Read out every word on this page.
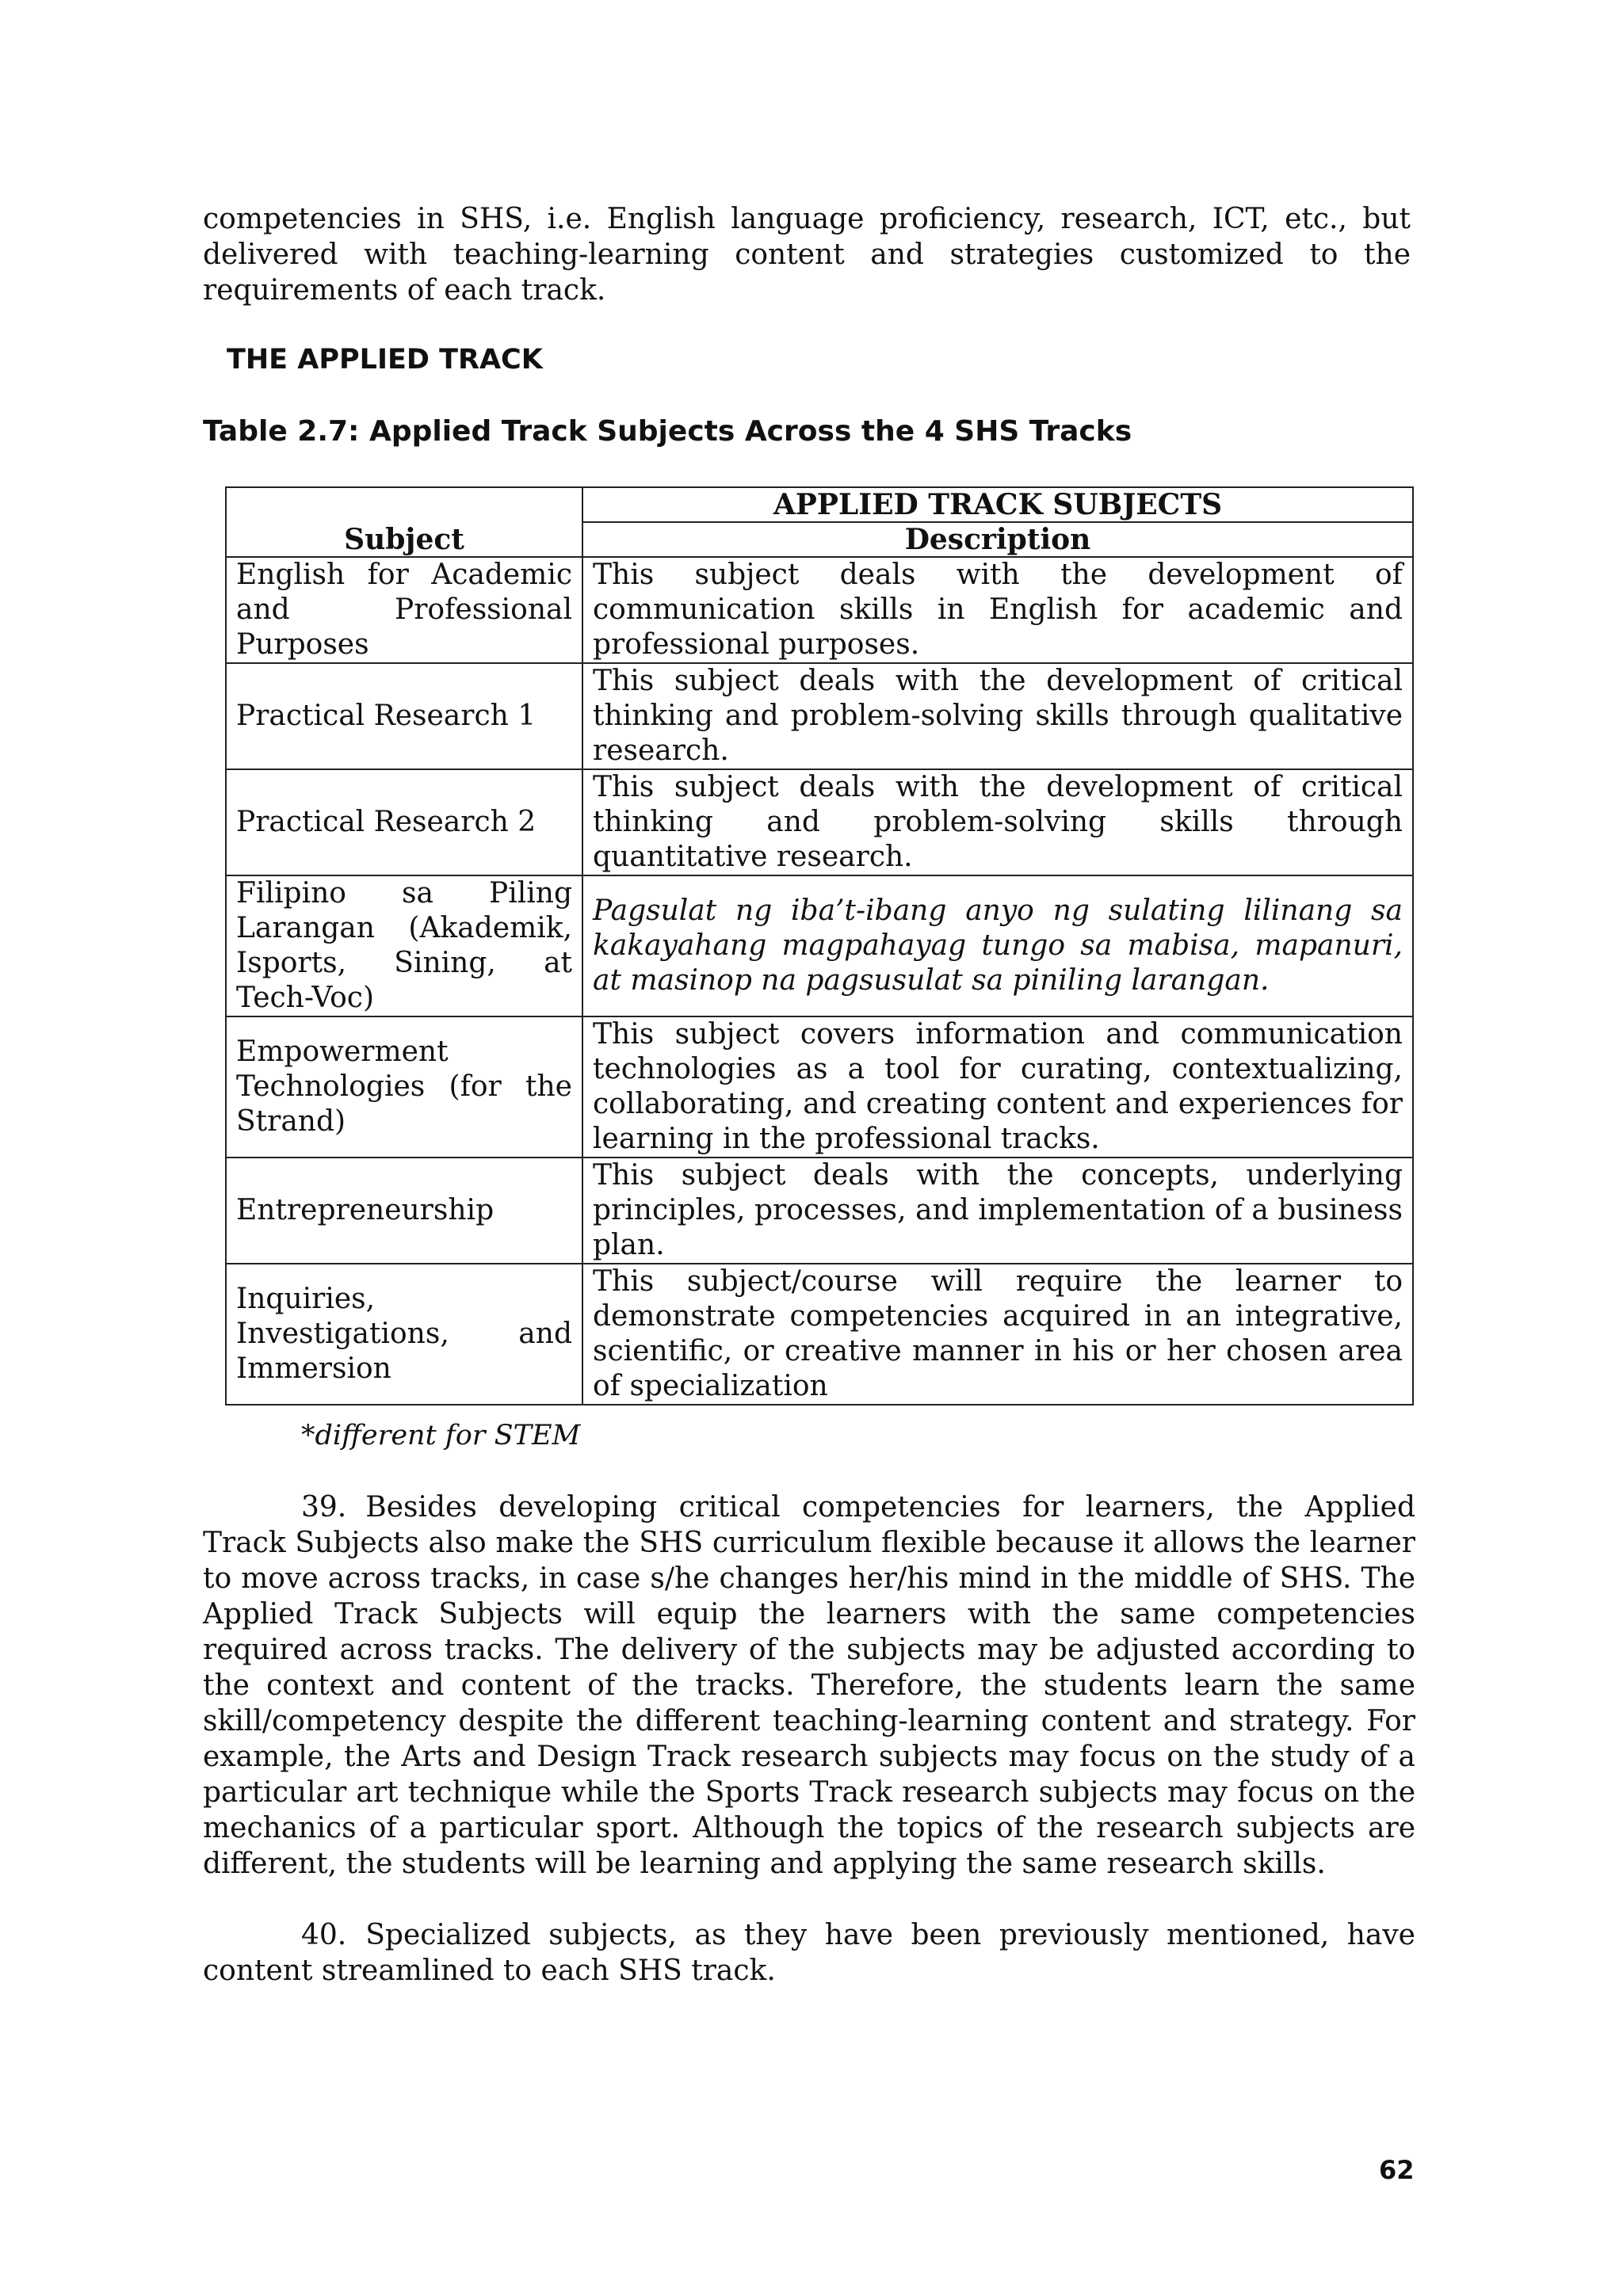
competencies in SHS, i.e. English language proficiency, research, ICT, etc., but delivered with teaching-learning content and strategies customized to the requirements of each track.

THE APPLIED TRACK
Table 2.7: Applied Track Subjects Across the 4 SHS Tracks
	APPLIED TRACK SUBJECTS
Subject	Description
English for Academic and Professional Purposes	This subject deals with the development of communication skills in English for academic and professional purposes.
Practical Research 1	This subject deals with the development of critical thinking and problem-solving skills through qualitative research.
Practical Research 2	This subject deals with the development of critical thinking and problem-solving skills through quantitative research.
Filipino sa Piling Larangan (Akademik, Isports, Sining, at Tech-Voc)	Pagsulat ng iba’t-ibang anyo ng sulating lilinang sa kakayahang magpahayag tungo sa mabisa, mapanuri, at masinop na pagsusulat sa piniling larangan.
Empowerment Technologies (for the Strand)	This subject covers information and communication technologies as a tool for curating, contextualizing, collaborating, and creating content and experiences for learning in the professional tracks.
Entrepreneurship	This subject deals with the concepts, underlying principles, processes, and implementation of a business plan.
Inquiries, Investigations, and Immersion	This subject/course will require the learner to demonstrate competencies acquired in an integrative, scientific, or creative manner in his or her chosen area of specialization

*different for STEM

39. Besides developing critical competencies for learners, the Applied Track Subjects also make the SHS curriculum flexible because it allows the learner to move across tracks, in case s/he changes her/his mind in the middle of SHS. The Applied Track Subjects will equip the learners with the same competencies required across tracks. The delivery of the subjects may be adjusted according to the context and content of the tracks. Therefore, the students learn the same skill/competency despite the different teaching-learning content and strategy. For example, the Arts and Design Track research subjects may focus on the study of a particular art technique while the Sports Track research subjects may focus on the mechanics of a particular sport. Although the topics of the research subjects are different, the students will be learning and applying the same research skills.

40. Specialized subjects, as they have been previously mentioned, have content streamlined to each SHS track.

62
